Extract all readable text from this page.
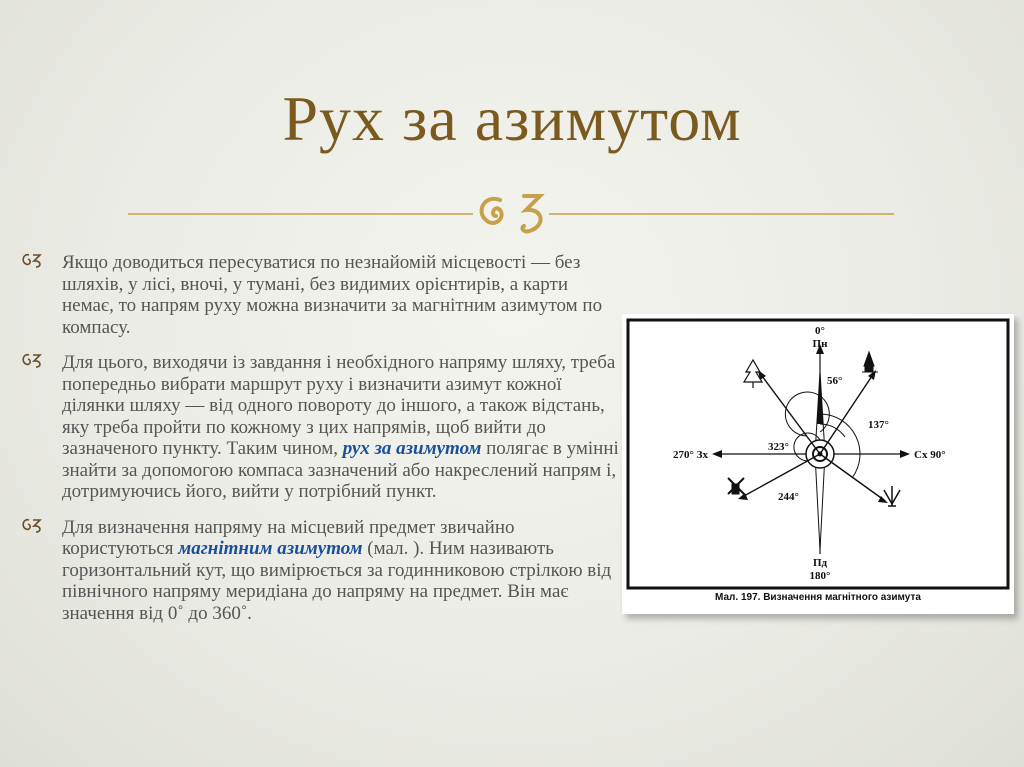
Рух за азимутом
Якщо доводиться пересуватися по незнайомій місцевості — без шляхів, у лісі, вночі, у тумані, без видимих орієнтирів, а карти немає, то напрям руху можна визначити за магнітним азимутом по компасу.
Для цього, виходячи із завдання і необхідного напряму шляху, треба попередньо вибрати маршрут руху і визначити азимут кожної ділянки шляху — від одного повороту до іншого, а також відстань, яку треба пройти по кожному з цих напрямів, щоб вийти до зазначеного пункту. Таким чином, рух за азимутом полягає в умінні знайти за допомогою компаса зазначений або накреслений напрям і, дотримуючись його, вийти у потрібний пункт.
Для визначення напряму на місцевий предмет звичайно користуються магнітним азимутом (мал. ). Ним називають горизонтальний кут, що вимірюється за годинниковою стрілкою від північного напряму меридіана до напряму на предмет. Він має значення від 0˚ до 360˚.
0°
Пн
Сх 90°
270° Зх
Пд
180°
56°
137°
323°
244°
Мал. 197. Визначення магнітного азимута
